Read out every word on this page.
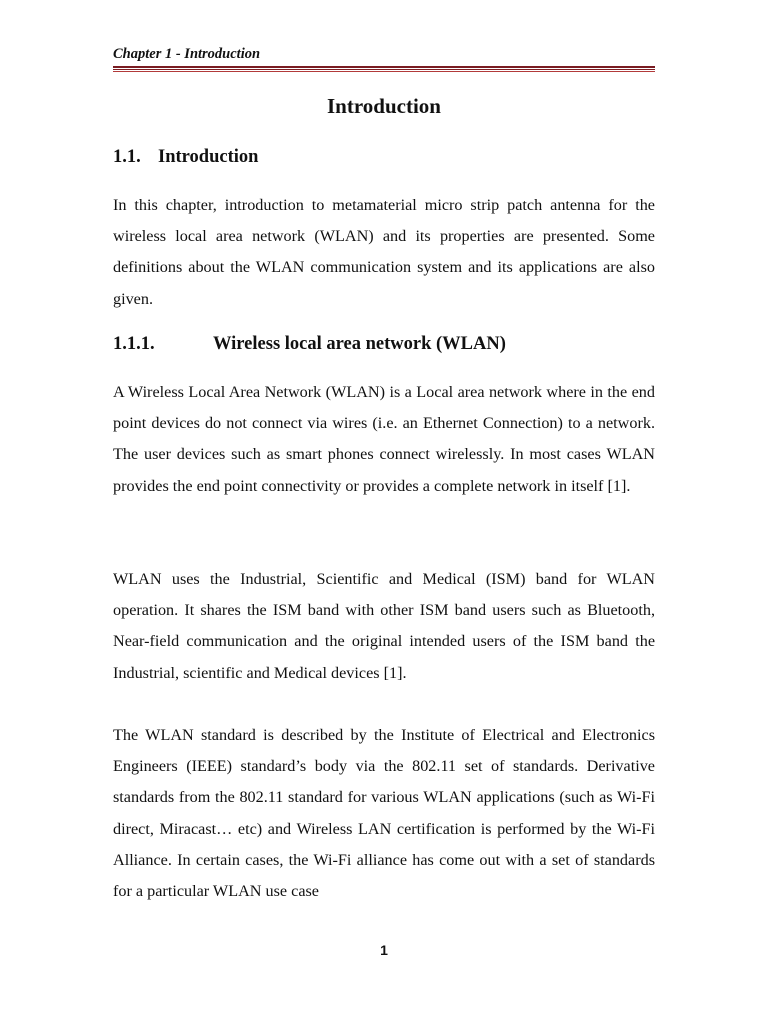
Chapter 1 - Introduction
Introduction
1.1. Introduction

In this chapter, introduction to metamaterial micro strip patch antenna for the wireless local area network (WLAN) and its properties are presented. Some definitions about the WLAN communication system and its applications are also given.

1.1.1.	Wireless local area network (WLAN)

A Wireless Local Area Network (WLAN) is a Local area network where in the end point devices do not connect via wires (i.e. an Ethernet Connection) to a network. The user devices such as smart phones connect wirelessly. In most cases WLAN provides the end point connectivity or provides a complete network in itself [1].

WLAN uses the Industrial, Scientific and Medical (ISM) band for WLAN operation. It shares the ISM band with other ISM band users such as Bluetooth, Near-field communication and the original intended users of the ISM band the Industrial, scientific and Medical devices [1].

The WLAN standard is described by the Institute of Electrical and Electronics Engineers (IEEE) standard’s body via the 802.11 set of standards. Derivative standards from the 802.11 standard for various WLAN applications (such as Wi-Fi direct, Miracast… etc) and Wireless LAN certification is performed by the Wi-Fi Alliance. In certain cases, the Wi-Fi alliance has come out with a set of standards for a particular WLAN use case

1
